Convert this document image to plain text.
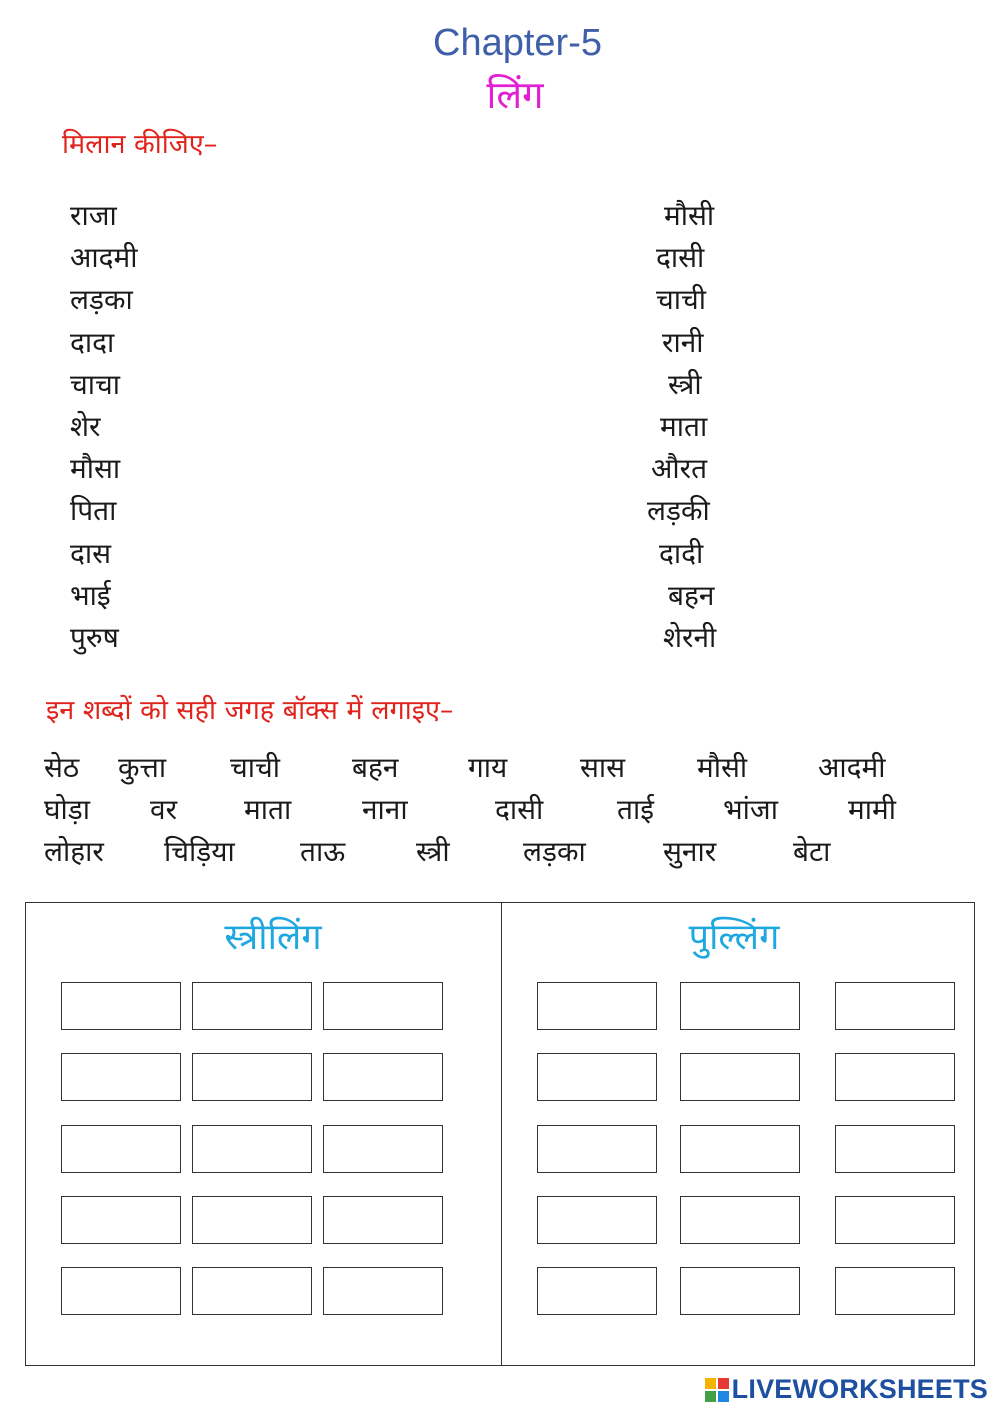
Chapter-5
लिंग
मिलान कीजिए–
राजा
आदमी
लड़का
दादा
चाचा
शेर
मौसा
पिता
दास
भाई
पुरुष
मौसी
दासी
चाची
रानी
स्त्री
माता
औरत
लड़की
दादी
बहन
शेरनी
इन शब्दों को सही जगह बॉक्स में लगाइए–
सेठ कुत्ता चाची	बहन गाय	सास	मौसी	आदमी
घोड़ा वर माता	नाना	दासी	ताई भांजा	मामी
लोहार चिड़िया ताऊ	स्त्री	लड़का	सुनार	बेटा
स्त्रीलिंग	पुल्लिंग
LIVEWORKSHEETS
